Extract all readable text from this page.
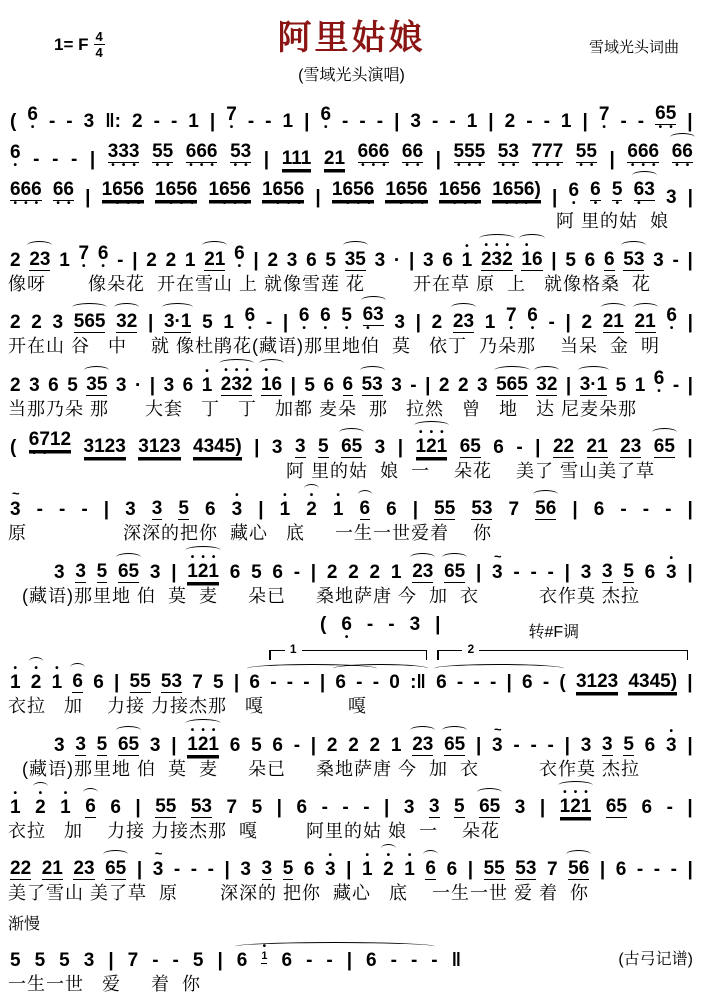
1= F $\frac{4}{4}$	阿里姑娘
(雪域光头演唱)
雪域光头词曲
( 6
• - - 3 ‖: 2 - - 1 | 7
• - - 1 | 6
• - - - | 3 - - 1 | 2 - - 1 | 7
• - - 65
• • |
6
• - - - | 333
• • •
55
• •
666
• • •
53
• • | 111 21 666
• • •
66
• • | 555
• • •
53
• •
777
• • •
55
• • | 666
• • •
66
• •
666
• • •
66
• • | 1656

• • •
1656

• • •
1656

• • •
1656

• • • | 1656

• • •
1656

• • •
1656

• • •
1656)

• • •
| 6
•
6
•
5
•
63
•
3 |
阿 里的姑  娘
2 23 1 7
•
6
• - | 2 2 1 21 6
• | 2 3 6 5 35 3 · | 3 6
•
1
• • •
232
•

16 | 5 6 6 53 3 - |
像呀       像朵花  开在雪山 上 就像雪莲 花        开在草 原  上   就像格桑  花
2 2 3 565 32 | 3·1 5 1 6
• - | 6
•
6
•
5
•
63
•
3 | 2 23 1 7
•
6
• - | 2 21 21 6
• |
开在山 谷   中    就 像杜鹃花(藏语)那里地伯  莫   依丁  乃朵那    当呆  金  明
2 3 6 5 35 3 · | 3 6
•
1
• • •
232
•

16 | 5 6 6 53 3 - | 2 2 3 565 32 | 3·1 5 1 6
• - |
当那乃朵 那      大套   丁   丁   加都 麦朵  那   拉然   曾   地   达 尼麦朵那
( 6712
• •

3123 3123 4345) | 3 3 5 65 3 |
• • •
121 65 6 - | 22 21 23 65 |
阿 里的姑  娘  一    朵花    美了 雪山美了草
~
3 - - - | 3 3 5 6
•
3 |
•
1
•
2
•
1 6 6 | 55 53 7 56 | 6 - - - |
原                深深的把你  藏心   底     一生一世爱着    你
3 3 5 65 3 |
• • •
121 6 5 6 - | 2 2 2 1 23 65 |
~
3 - - - | 3 3 5 6
•
3 |
(藏语)那里地 伯  莫  麦     朵已     桑地萨唐 今  加  衣          衣作莫 杰拉
( 6
•
- - 3 |	转#F调
1	2
•
1
•
2
•
1 6 6 | 55 53 7 5 | 6 - - - | 6 - - 0 :‖ 6 - - - | 6 - ( 3123 4345) |
衣拉   加    力接 力接杰那   嘎              嘎
3 3 5 65 3 |
• • •
121 6 5 6 - | 2 2 2 1 23 65 |
~
3 - - - | 3 3 5 6
•
3 |
(藏语)那里地 伯  莫  麦     朵已     桑地萨唐 今  加  衣          衣作莫 杰拉
•
1
•
2
•
1 6 6 | 55 53 7 5 | 6 - - - | 3 3 5 65 3 |
• • •
121 65 6 - |
衣拉   加    力接 力接杰那  嘎        阿里的姑 娘  一    朵花
22 21 23 65 |
~
3 - - - | 3 3 5 6
•
3 |
•
1
•
2
•
1 6 6 | 55 53 7 56 | 6 - - - |
美了雪山 美了草  原       深深的 把你  藏心   底    一生一世 爱 着  你
渐慢
5 5 5 3 | 7 - - 5 | 6
•
1 6 - - | 6 - - - ‖	(古弓记谱)
一生一世   爱     着  你
